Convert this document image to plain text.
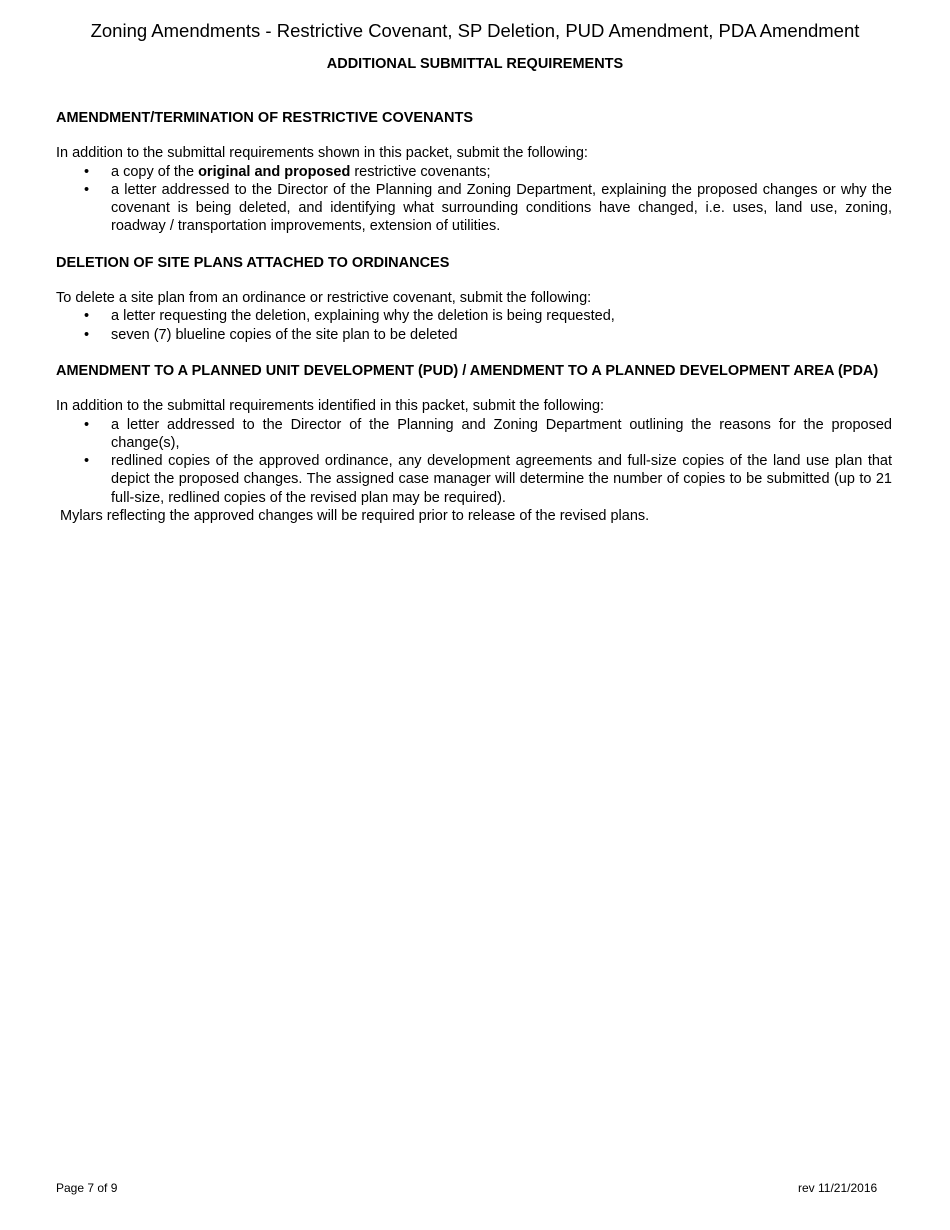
Zoning Amendments - Restrictive Covenant, SP Deletion, PUD Amendment, PDA Amendment
ADDITIONAL SUBMITTAL REQUIREMENTS

AMENDMENT/TERMINATION OF RESTRICTIVE COVENANTS

In addition to the submittal requirements shown in this packet, submit the following:

• a copy of the original and proposed restrictive covenants;
• a letter addressed to the Director of the Planning and Zoning Department, explaining the proposed changes or why the covenant is being deleted, and identifying what surrounding conditions have changed, i.e. uses, land use, zoning, roadway / transportation improvements, extension of utilities.

DELETION OF SITE PLANS ATTACHED TO ORDINANCES

To delete a site plan from an ordinance or restrictive covenant, submit the following:

• a letter requesting the deletion, explaining why the deletion is being requested,
• seven (7) blueline copies of the site plan to be deleted

AMENDMENT TO A PLANNED UNIT DEVELOPMENT (PUD) / AMENDMENT TO A PLANNED DEVELOPMENT AREA (PDA)

In addition to the submittal requirements identified in this packet, submit the following:

• a letter addressed to the Director of the Planning and Zoning Department outlining the reasons for the proposed change(s),
• redlined copies of the approved ordinance, any development agreements and full-size copies of the land use plan that depict the proposed changes. The assigned case manager will determine the number of copies to be submitted (up to 21 full-size, redlined copies of the revised plan may be required).

Mylars reflecting the approved changes will be required prior to release of the revised plans.

Page 7 of 9	rev 11/21/2016
